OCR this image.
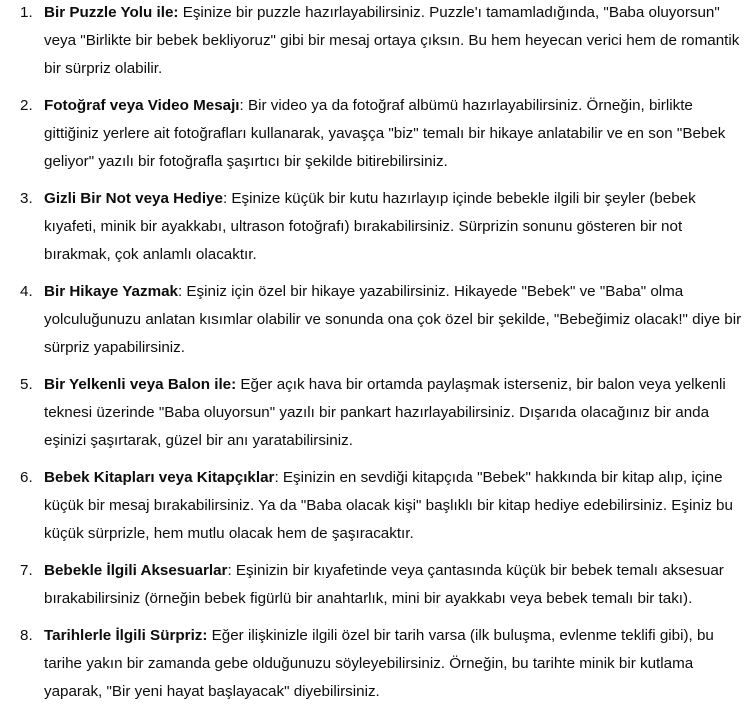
1. Bir Puzzle Yolu ile: Eşinize bir puzzle hazırlayabilirsiniz. Puzzle'ı tamamladığında, "Baba oluyorsun" veya "Birlikte bir bebek bekliyoruz" gibi bir mesaj ortaya çıksın. Bu hem heyecan verici hem de romantik bir sürpriz olabilir.
2. Fotoğraf veya Video Mesajı: Bir video ya da fotoğraf albümü hazırlayabilirsiniz. Örneğin, birlikte gittiğiniz yerlere ait fotoğrafları kullanarak, yavaşça "biz" temalı bir hikaye anlatabilir ve en son "Bebek geliyor" yazılı bir fotoğrafla şaşırtıcı bir şekilde bitirebilirsiniz.
3. Gizli Bir Not veya Hediye: Eşinize küçük bir kutu hazırlayıp içinde bebekle ilgili bir şeyler (bebek kıyafeti, minik bir ayakkabı, ultrason fotoğrafı) bırakabilirsiniz. Sürprizin sonunu gösteren bir not bırakmak, çok anlamlı olacaktır.
4. Bir Hikaye Yazmak: Eşiniz için özel bir hikaye yazabilirsiniz. Hikayede "Bebek" ve "Baba" olma yolculuğunuzu anlatan kısımlar olabilir ve sonunda ona çok özel bir şekilde, "Bebeğimiz olacak!" diye bir sürpriz yapabilirsiniz.
5. Bir Yelkenli veya Balon ile: Eğer açık hava bir ortamda paylaşmak isterseniz, bir balon veya yelkenli teknesi üzerinde "Baba oluyorsun" yazılı bir pankart hazırlayabilirsiniz. Dışarıda olacağınız bir anda eşinizi şaşırtarak, güzel bir anı yaratabilirsiniz.
6. Bebek Kitapları veya Kitapçıklar: Eşinizin en sevdiği kitapçıda "Bebek" hakkında bir kitap alıp, içine küçük bir mesaj bırakabilirsiniz. Ya da "Baba olacak kişi" başlıklı bir kitap hediye edebilirsiniz. Eşiniz bu küçük sürprizle, hem mutlu olacak hem de şaşıracaktır.
7. Bebekle İlgili Aksesuarlar: Eşinizin bir kıyafetinde veya çantasında küçük bir bebek temalı aksesuar bırakabilirsiniz (örneğin bebek figürlü bir anahtarlık, mini bir ayakkabı veya bebek temalı bir takı).
8. Tarihlerle İlgili Sürpriz: Eğer ilişkinizle ilgili özel bir tarih varsa (ilk buluşma, evlenme teklifi gibi), bu tarihe yakın bir zamanda gebe olduğunuzu söyleyebilirsiniz. Örneğin, bu tarihte minik bir kutlama yaparak, "Bir yeni hayat başlayacak" diyebilirsiniz.
